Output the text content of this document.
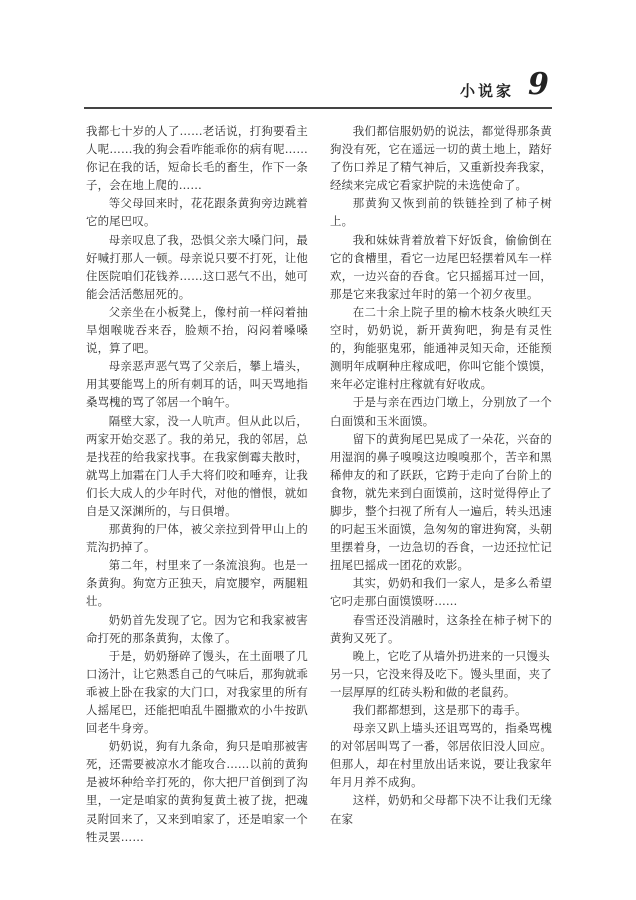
小说家 9

我都七十岁的人了……老话说，打狗要看主人呢……我的狗会看咋能乖你的病有呢……你记在我的话，短命长毛的畜生，作下一条子，会在地上爬的……

等父母回来时，花花跟条黄狗旁边跳着它的尾巴叹。

母亲叹息了我，恐惧父亲大嗓门问，最好喊打那人一顿。母亲说只要不打死，让他住医院咱们花钱养……这口恶气不出，她可能会活活憋屈死的。

父亲坐在小板凳上，像村前一样闷着抽旱烟喉咙吞来吞，脸颊不抬，闷闷着嗓嗓说，算了吧。

母亲恶声恶气骂了父亲后，攀上墙头，用其要能骂上的所有刺耳的话，叫天骂地指桑骂槐的骂了邻居一个晌午。

隔壁大家，没一人吭声。但从此以后，两家开始交恶了。我的弟兄，我的邻居，总是找茬的给我家找事。在我家倒霉夫散时，就骂上加霜在门人手大将们咬和唾弃，让我们长大成人的少年时代，对他的憎恨，就如自是又深渊所的，与日俱增。

那黄狗的尸体，被父亲拉到骨甲山上的荒沟扔掉了。

第二年，村里来了一条流浪狗。也是一条黄狗。狗宽方正独天，肩宽腰窄，两腿粗壮。

奶奶首先发现了它。因为它和我家被害命打死的那条黄狗，太像了。

于是，奶奶掰碎了馒头，在土面喂了几口汤汁，让它熟悉自己的气味后，那狗就乖乖被上卧在我家的大门口，对我家里的所有人摇尾巴，还能把咱乱牛圈撒欢的小牛按趴回老牛身旁。

奶奶说，狗有九条命，狗只是咱那被害死，还需要被凉水才能攻合……以前的黄狗是被坏种给辛打死的，你大把尸首倒到了沟里，一定是咱家的黄狗复黄土被了拢，把魂灵附回来了，又来到咱家了，还是咱家一个牲灵罢……

我们都信服奶奶的说法，都觉得那条黄狗没有死，它在遥远一切的黄土地上，踏好了伤口养足了精气神后，又重新投奔我家，经续来完成它看家护院的未选使命了。

那黄狗又恢到前的铁链拴到了柿子树上。

我和妹妹背着放着下好饭食，偷偷倒在它的食槽里，看它一边尾巴轻摆着风车一样欢，一边兴奋的吞食。它只摇摇耳过一回，那是它来我家过年时的第一个初夕夜里。

在二十余上院子里的榆木枝条火映红天空时，奶奶说，新开黄狗吧，狗是有灵性的，狗能驱鬼邪，能通神灵知天命，还能预测明年成啊种庄稼成吧，你叫它能个馍馍，来年必定谁村庄稼就有好收成。

于是与亲在西边门墩上，分别放了一个白面馍和玉米面馍。

留下的黄狗尾巴晃成了一朵花，兴奋的用湿润的鼻子嗅嗅这边嗅嗅那个，苦辛和黑稀伸友的和了跃跃，它跨于走向了台阶上的食物，就先来到白面馍前，这时觉得停止了脚步，整个扫视了所有人一遍后，转头迅速的叼起玉米面馍，急匆匆的窜进狗窝，头朝里摆着身，一边急切的吞食，一边还拉忙记扭尾巴摇成一团花的欢影。

其实，奶奶和我们一家人，是多么希望它叼走那白面馍馍呀……

春雪还没消融时，这条拴在柿子树下的黄狗又死了。

晚上，它吃了从墙外扔进来的一只馒头

另一只，它没来得及吃下。馒头里面，夹了一层厚厚的红砖头粉和做的老鼠药。

我们都都想到，这是那下的毒手。

母亲又趴上墙头还诅骂骂的，指桑骂槐的对邻居叫骂了一番，邻居依旧没人回应。但那人，却在村里放出话来说，要让我家年年月月养不成狗。

这样，奶奶和父母都下决不让我们无缘在家
